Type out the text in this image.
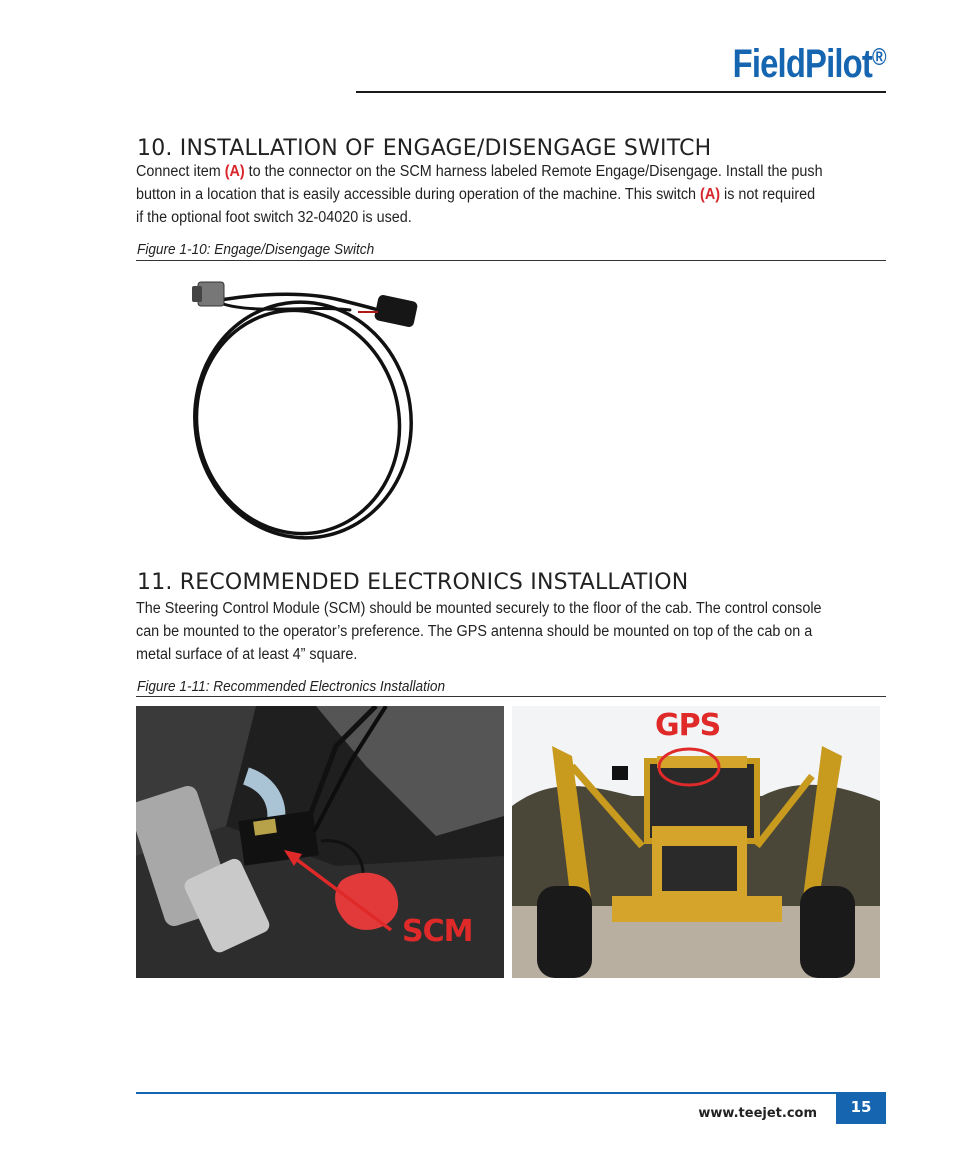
FieldPilot®
10. INSTALLATION OF ENGAGE/DISENGAGE SWITCH

Connect item (A) to the connector on the SCM harness labeled Remote Engage/Disengage. Install the push
button in a location that is easily accessible during operation of the machine. This switch (A) is not required
if the optional foot switch 32-04020 is used.

Figure 1-10: Engage/Disengage Switch

11. RECOMMENDED ELECTRONICS INSTALLATION

The Steering Control Module (SCM) should be mounted securely to the floor of the cab. The control console
can be mounted to the operator’s preference. The GPS antenna should be mounted on top of the cab on a
metal surface of at least 4” square.

Figure 1-11: Recommended Electronics Installation

SCM
GPS
www.teejet.com	15
